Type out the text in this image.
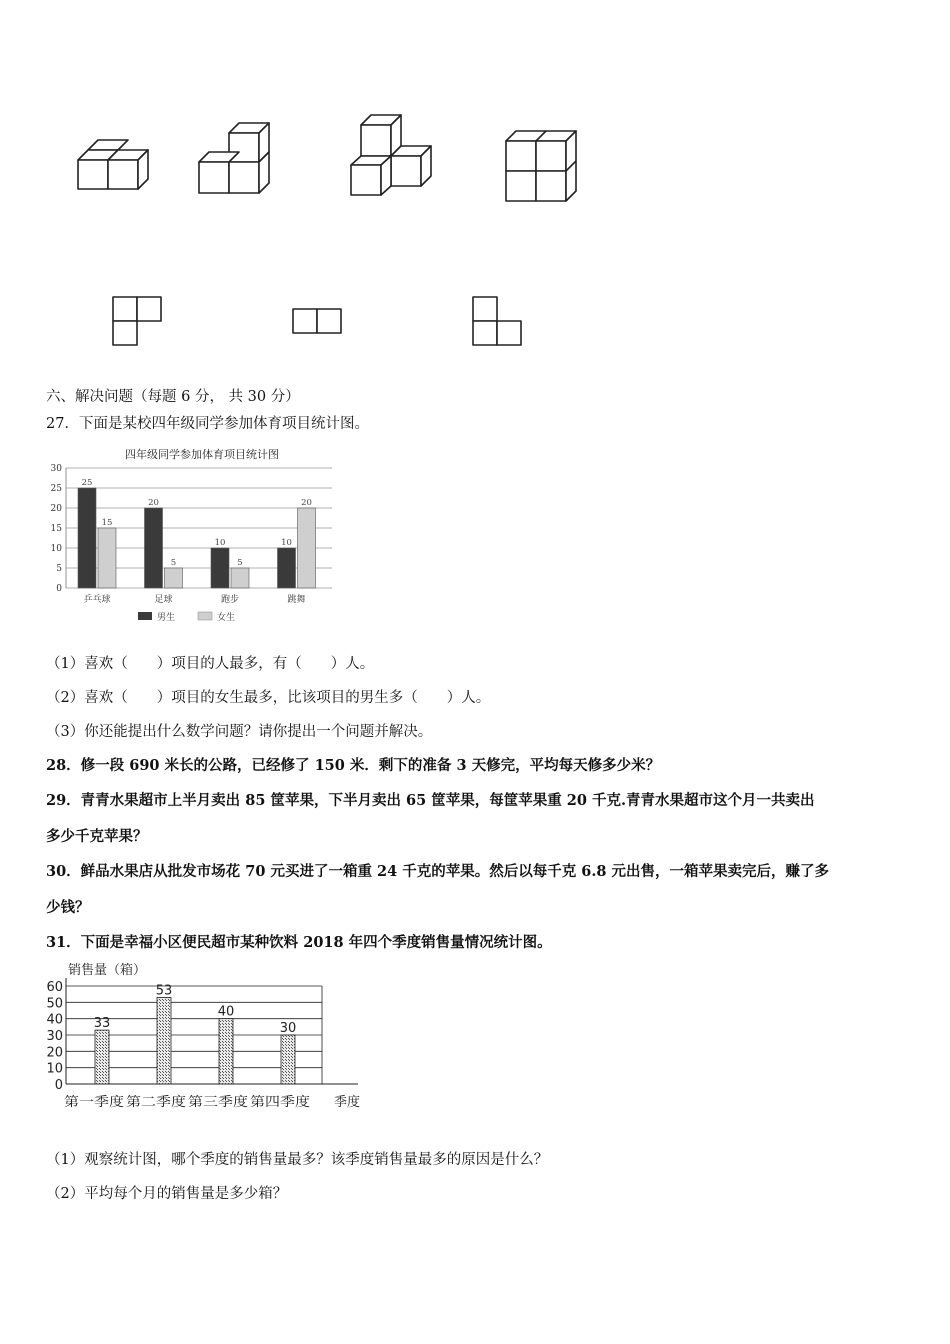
六、解决问题（每题 6 分， 共 30 分）
27．下面是某校四年级同学参加体育项目统计图。
四年级同学参加体育项目统计图
0
5
10
15
20
25
30
25
15
乒乓球
20
5
足球
10
5
跑步
10
20
跳舞
男生	女生
（1）喜欢（　　）项目的人最多，有（　　）人。
（2）喜欢（　　）项目的女生最多，比该项目的男生多（　　）人。
（3）你还能提出什么数学问题？请你提出一个问题并解决。
28．修一段 690 米长的公路，已经修了 150 米．剩下的准备 3 天修完，平均每天修多少米？
29．青青水果超市上半月卖出 85 筐苹果，下半月卖出 65 筐苹果，每筐苹果重 20 千克.青青水果超市这个月一共卖出
多少千克苹果？
30．鲜品水果店从批发市场花 70 元买进了一箱重 24 千克的苹果。然后以每千克 6.8 元出售，一箱苹果卖完后，赚了多
少钱？
31．下面是幸福小区便民超市某种饮料 2018 年四个季度销售量情况统计图。
销售量（箱）
0
10
20
30
40
50
60
33
第一季度
53
第二季度
40
第三季度
30
第四季度	季度
（1）观察统计图，哪个季度的销售量最多？该季度销售量最多的原因是什么？
（2）平均每个月的销售量是多少箱？
